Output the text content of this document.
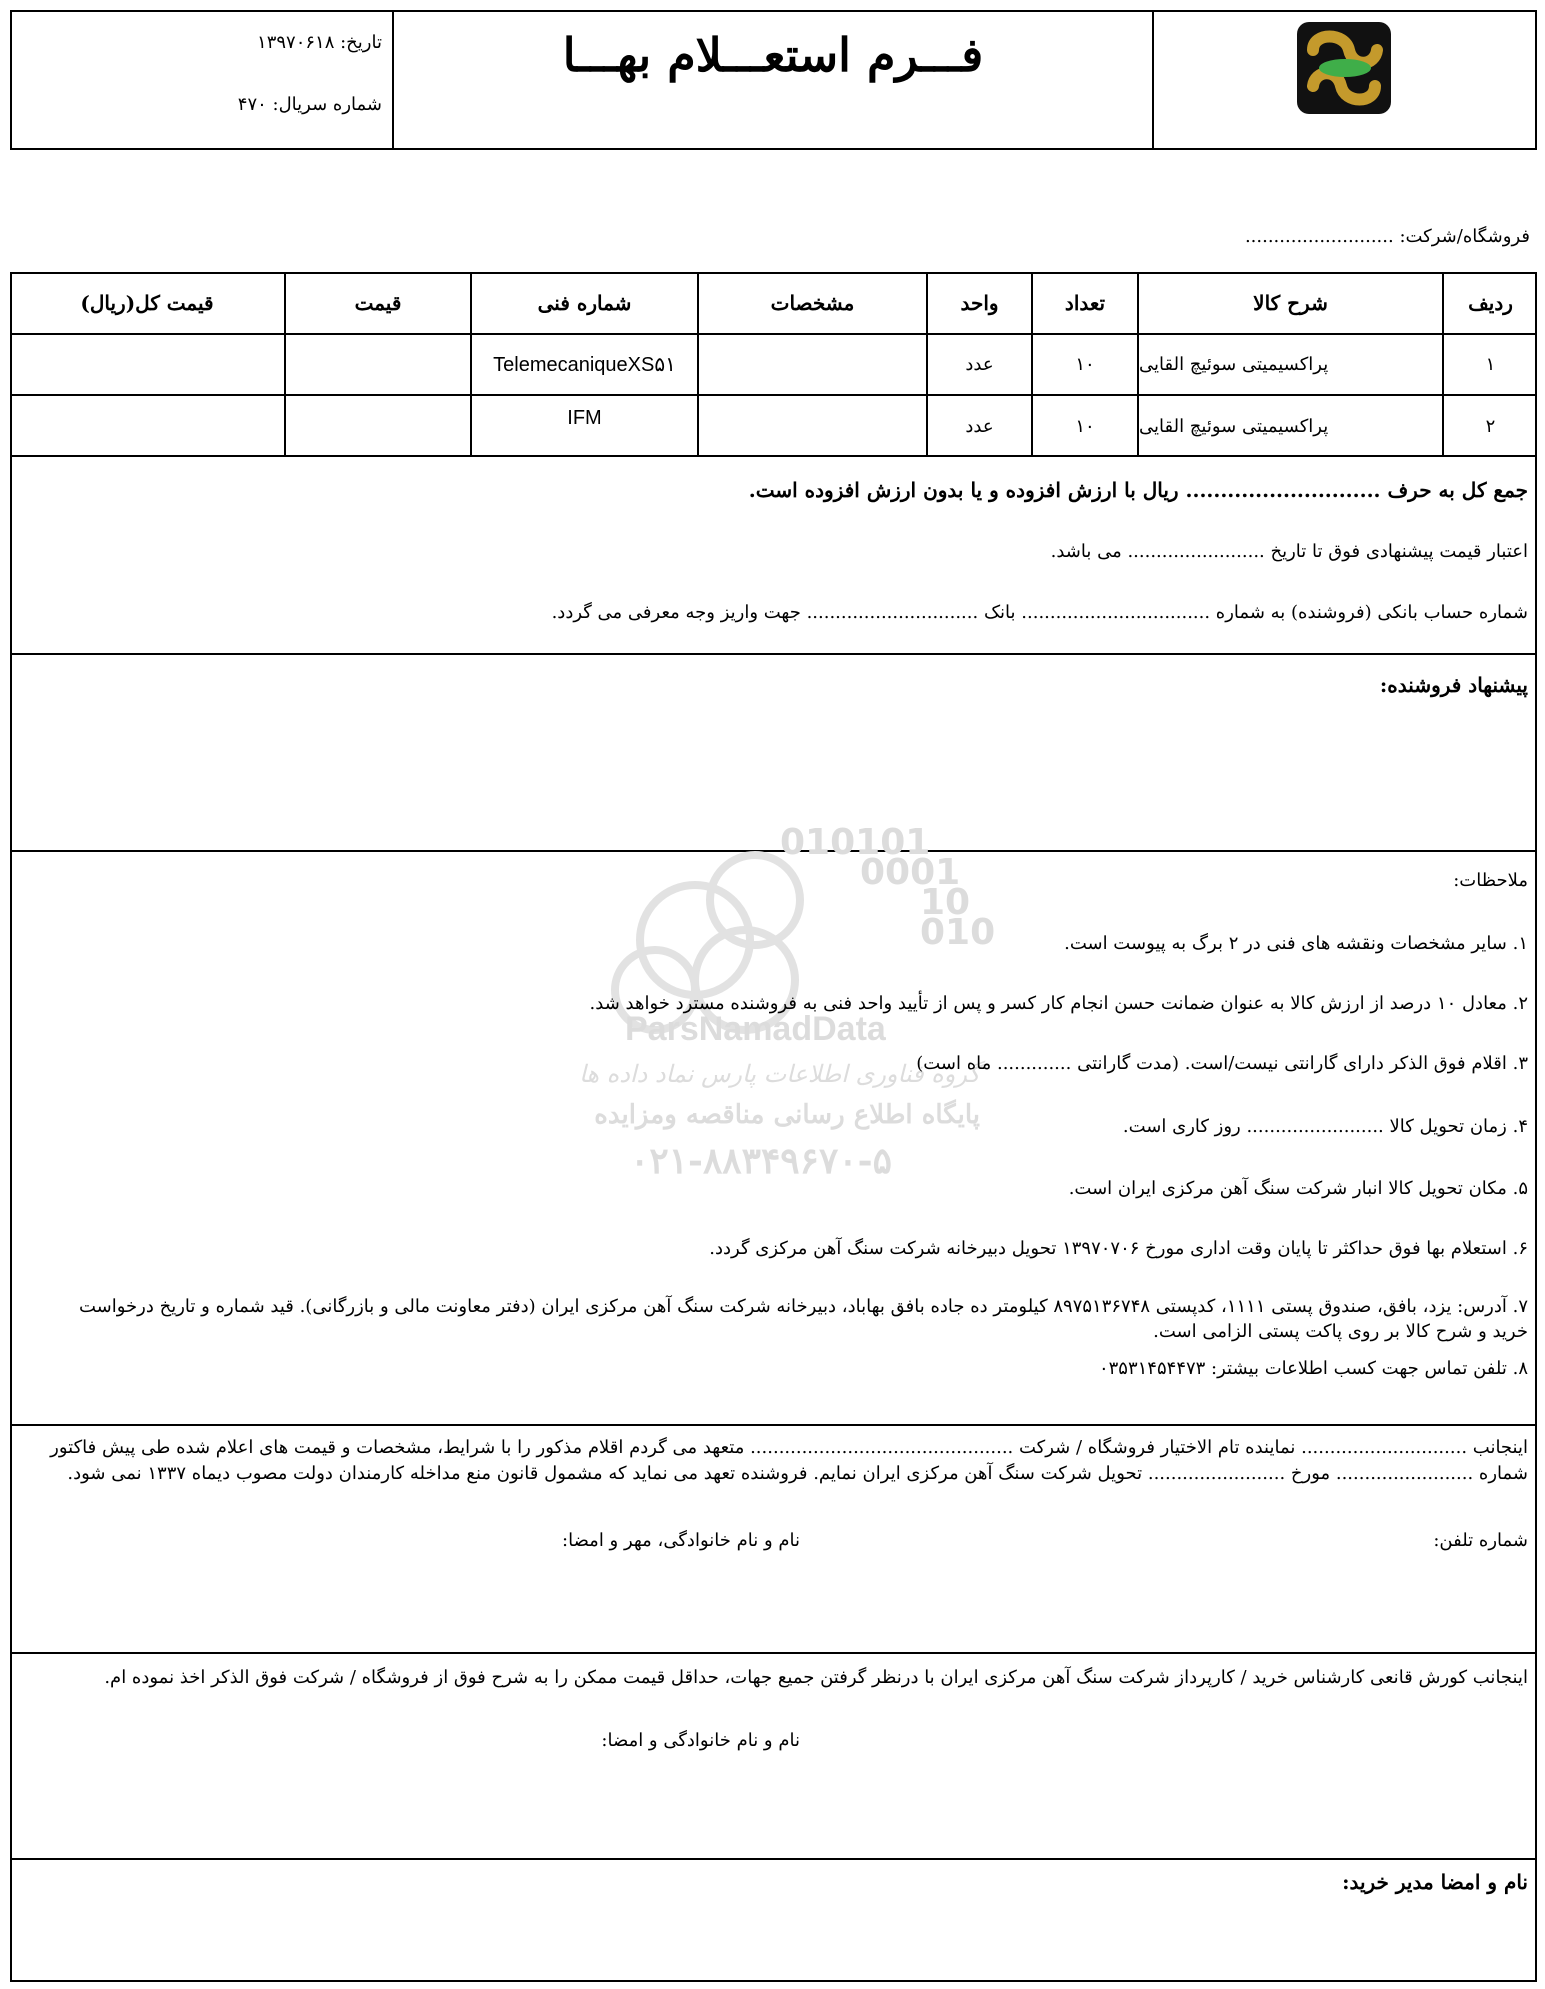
تاریخ: ۱۳۹۷۰۶۱۸
شماره سریال: ۴۷۰
فـــرم استعـــلام بهـــا
فروشگاه/شرکت: ..........................
ردیف
شرح کالا
تعداد
واحد
مشخصات
شماره فنی
قیمت
قیمت کل(ریال)
۱
پراکسیمیتی سوئیچ القایی
۱۰
عدد
TelemecaniqueXS۵۱
۲
پراکسیمیتی سوئیچ القایی
۱۰
عدد
IFM
جمع کل به حرف ............................ ریال با ارزش افزوده و یا بدون ارزش افزوده است.
اعتبار قیمت پیشنهادی فوق تا تاریخ ........................ می باشد.
شماره حساب بانکی (فروشنده) به شماره ................................. بانک .............................. جهت واریز وجه معرفی می گردد.
پیشنهاد فروشنده:
010101
0001
10
010
ParsNamadData
گروه فناوری اطلاعات پارس نماد داده ها
پایگاه اطلاع رسانی مناقصه ومزایده
۰۲۱-۸۸۳۴۹۶۷۰-۵
ملاحظات:
۱. سایر مشخصات ونقشه های فنی در ۲ برگ به پیوست است.
۲. معادل ۱۰ درصد از ارزش کالا به عنوان ضمانت حسن انجام کار کسر و پس از تأیید واحد فنی به فروشنده مسترد خواهد شد.
۳. اقلام فوق الذکر دارای گارانتی نیست/است. (مدت گارانتی ............. ماه است)
۴. زمان تحویل کالا ........................ روز کاری است.
۵. مکان تحویل کالا انبار شرکت سنگ آهن مرکزی ایران است.
۶. استعلام بها فوق حداکثر تا پایان وقت اداری مورخ ۱۳۹۷۰۷۰۶ تحویل دبیرخانه شرکت سنگ آهن مرکزی گردد.
۷. آدرس: یزد، بافق، صندوق پستی ۱۱۱۱، کدپستی ۸۹۷۵۱۳۶۷۴۸ کیلومتر ده جاده بافق بهاباد، دبیرخانه شرکت سنگ آهن مرکزی ایران (دفتر معاونت مالی و بازرگانی). قید شماره و تاریخ درخواست خرید و شرح کالا بر روی پاکت پستی الزامی است.
۸. تلفن تماس جهت کسب اطلاعات بیشتر: ۰۳۵۳۱۴۵۴۴۷۳
اینجانب ............................. نماینده تام الاختیار فروشگاه / شرکت .............................................. متعهد می گردم اقلام مذکور را با شرایط، مشخصات و قیمت های اعلام شده طی پیش فاکتور شماره ........................ مورخ ........................ تحویل شرکت سنگ آهن مرکزی ایران نمایم. فروشنده تعهد می نماید که مشمول قانون منع مداخله کارمندان دولت مصوب دیماه ۱۳۳۷ نمی شود.
شماره تلفن:
نام و نام خانوادگی، مهر و امضا:
اینجانب کورش قانعی کارشناس خرید / کارپرداز شرکت سنگ آهن مرکزی ایران با درنظر گرفتن جمیع جهات، حداقل قیمت ممکن را به شرح فوق از فروشگاه / شرکت فوق الذکر اخذ نموده ام.
نام و نام خانوادگی و امضا:
نام و امضا مدیر خرید:
